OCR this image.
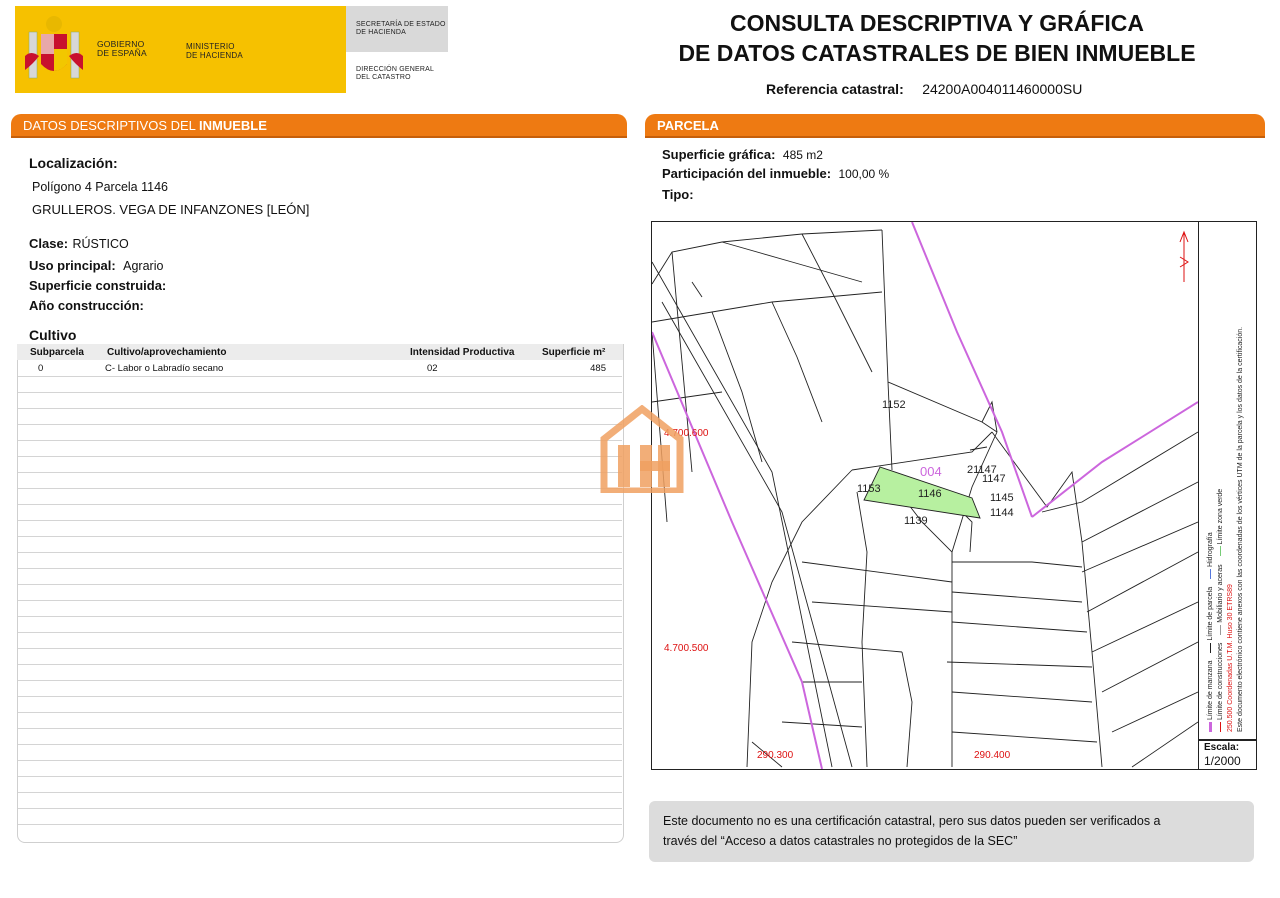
GOBIERNO
DE ESPAÑA
MINISTERIO
DE HACIENDA
SECRETARÍA DE ESTADO
DE HACIENDA
DIRECCIÓN GENERAL
DEL CATASTRO
CONSULTA DESCRIPTIVA Y GRÁFICA
DE DATOS CATASTRALES DE BIEN INMUEBLE
Referencia catastral: 24200A004011460000SU
DATOS DESCRIPTIVOS DEL INMUEBLE
Localización:
Polígono 4 Parcela 1146
GRULLEROS. VEGA DE INFANZONES [LEÓN]
Clase: RÚSTICO
Uso principal: Agrario
Superficie construida:
Año construcción:
Cultivo
Subparcela Cultivo/aprovechamiento	Intensidad Productiva	Superficie m²
0	C- Labor o Labradío secano	02	485
PARCELA
Superficie gráfica: 485 m2
Participación del inmueble: 100,00 %
Tipo:
1152
004 21147
1147
1153	1146	1145
1144
1139
4.700.600
4.700.500
290.300	290.400
Límite de manzana  Límite de parcela  Hidrografía
Límite de construcciones  Mobiliario y aceras  Límite zona verde
250.500 Coordenadas U.T.M. Huso 30 ETRS89 Este documento electrónico contiene anexos con las coordenadas de los vértices UTM de la parcela y los datos de la certificación.
Escala:
1/2000
Este documento no es una certificación catastral, pero sus datos pueden ser verificados a
través del “Acceso a datos catastrales no protegidos de la SEC”
